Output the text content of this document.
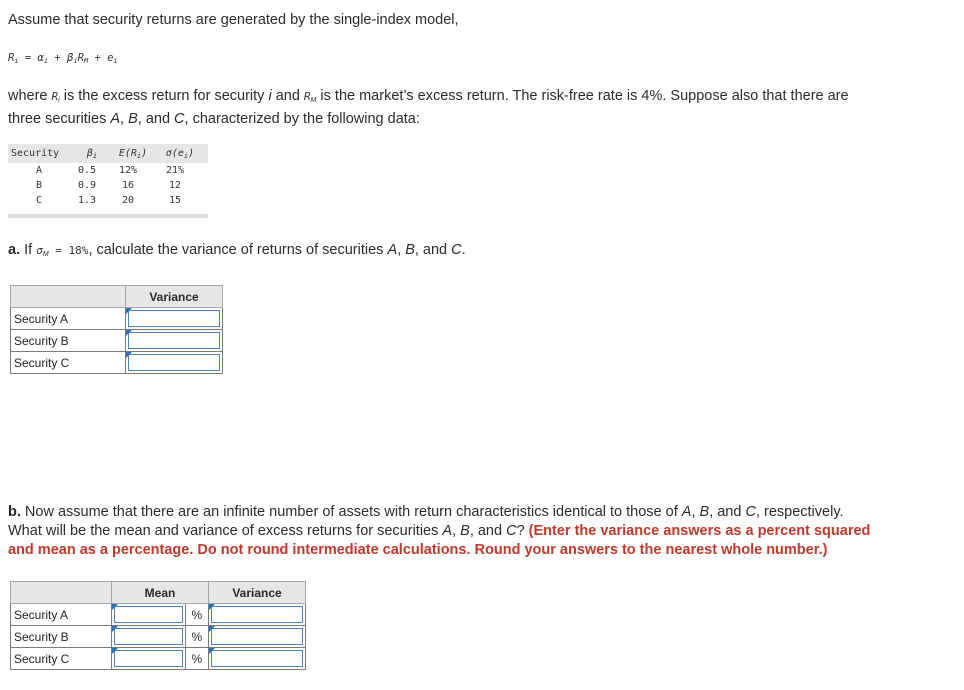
Assume that security returns are generated by the single-index model,
$R_i = \alpha_i + \beta_iR_M + e_i$
where $R_i$ is the excess return for security i and $R_M$ is the market’s excess return. The risk-free rate is 4%. Suppose also that there are
three securities A, B, and C, characterized by the following data:
Security	$\beta_i$	$E(R_i)$	$\sigma(e_i)$
A	0.5	12%	21%
B	0.9	16	12
C	1.3	20	15
a. If $\sigma_M = 18\%$, calculate the variance of returns of securities A, B, and C.
	Variance
Security A	

Security B	

Security C	
b. Now assume that there are an infinite number of assets with return characteristics identical to those of A, B, and C, respectively.
What will be the mean and variance of excess returns for securities A, B, and C? (Enter the variance answers as a percent squared
and mean as a percentage. Do not round intermediate calculations. Round your answers to the nearest whole number.)
	Mean		Variance
Security A		%	

Security B		%	

Security C		%	
